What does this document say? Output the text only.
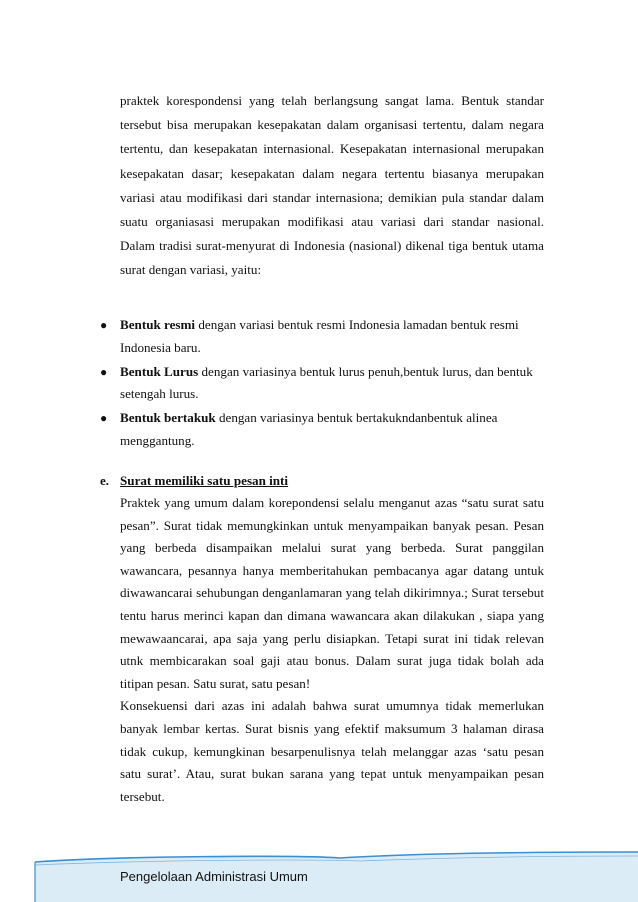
praktek korespondensi yang telah berlangsung sangat lama. Bentuk standar tersebut bisa merupakan kesepakatan dalam organisasi tertentu, dalam negara tertentu, dan kesepakatan internasional. Kesepakatan internasional merupakan kesepakatan dasar; kesepakatan dalam negara tertentu biasanya merupakan variasi atau modifikasi dari standar internasiona; demikian pula standar dalam suatu organiasasi merupakan modifikasi atau variasi dari standar nasional. Dalam tradisi surat-menyurat di Indonesia (nasional) dikenal tiga bentuk utama surat dengan variasi, yaitu:

● Bentuk resmi dengan variasi bentuk resmi Indonesia lamadan bentuk resmi Indonesia baru.
● Bentuk Lurus dengan variasinya bentuk lurus penuh,bentuk lurus, dan bentuk setengah lurus.
● Bentuk bertakuk dengan variasinya bentuk bertakukndanbentuk alinea menggantung.
e. Surat memiliki satu pesan inti

Praktek yang umum dalam korepondensi selalu menganut azas “satu surat satu pesan”. Surat tidak memungkinkan untuk menyampaikan banyak pesan. Pesan yang berbeda disampaikan melalui surat yang berbeda. Surat panggilan wawancara, pesannya hanya memberitahukan pembacanya agar datang untuk diwawancarai sehubungan denganlamaran yang telah dikirimnya.; Surat tersebut tentu harus merinci kapan dan dimana wawancara akan dilakukan , siapa yang mewawaancarai, apa saja yang perlu disiapkan. Tetapi surat ini tidak relevan utnk membicarakan soal gaji atau bonus. Dalam surat juga tidak bolah ada titipan pesan. Satu surat, satu pesan!

Konsekuensi dari azas ini adalah bahwa surat umumnya tidak memerlukan banyak lembar kertas. Surat bisnis yang efektif maksumum 3 halaman dirasa tidak cukup, kemungkinan besarpenulisnya telah melanggar azas ‘satu pesan satu surat’. Atau, surat bukan sarana yang tepat untuk menyampaikan pesan tersebut.

Pengelolaan Administrasi Umum
